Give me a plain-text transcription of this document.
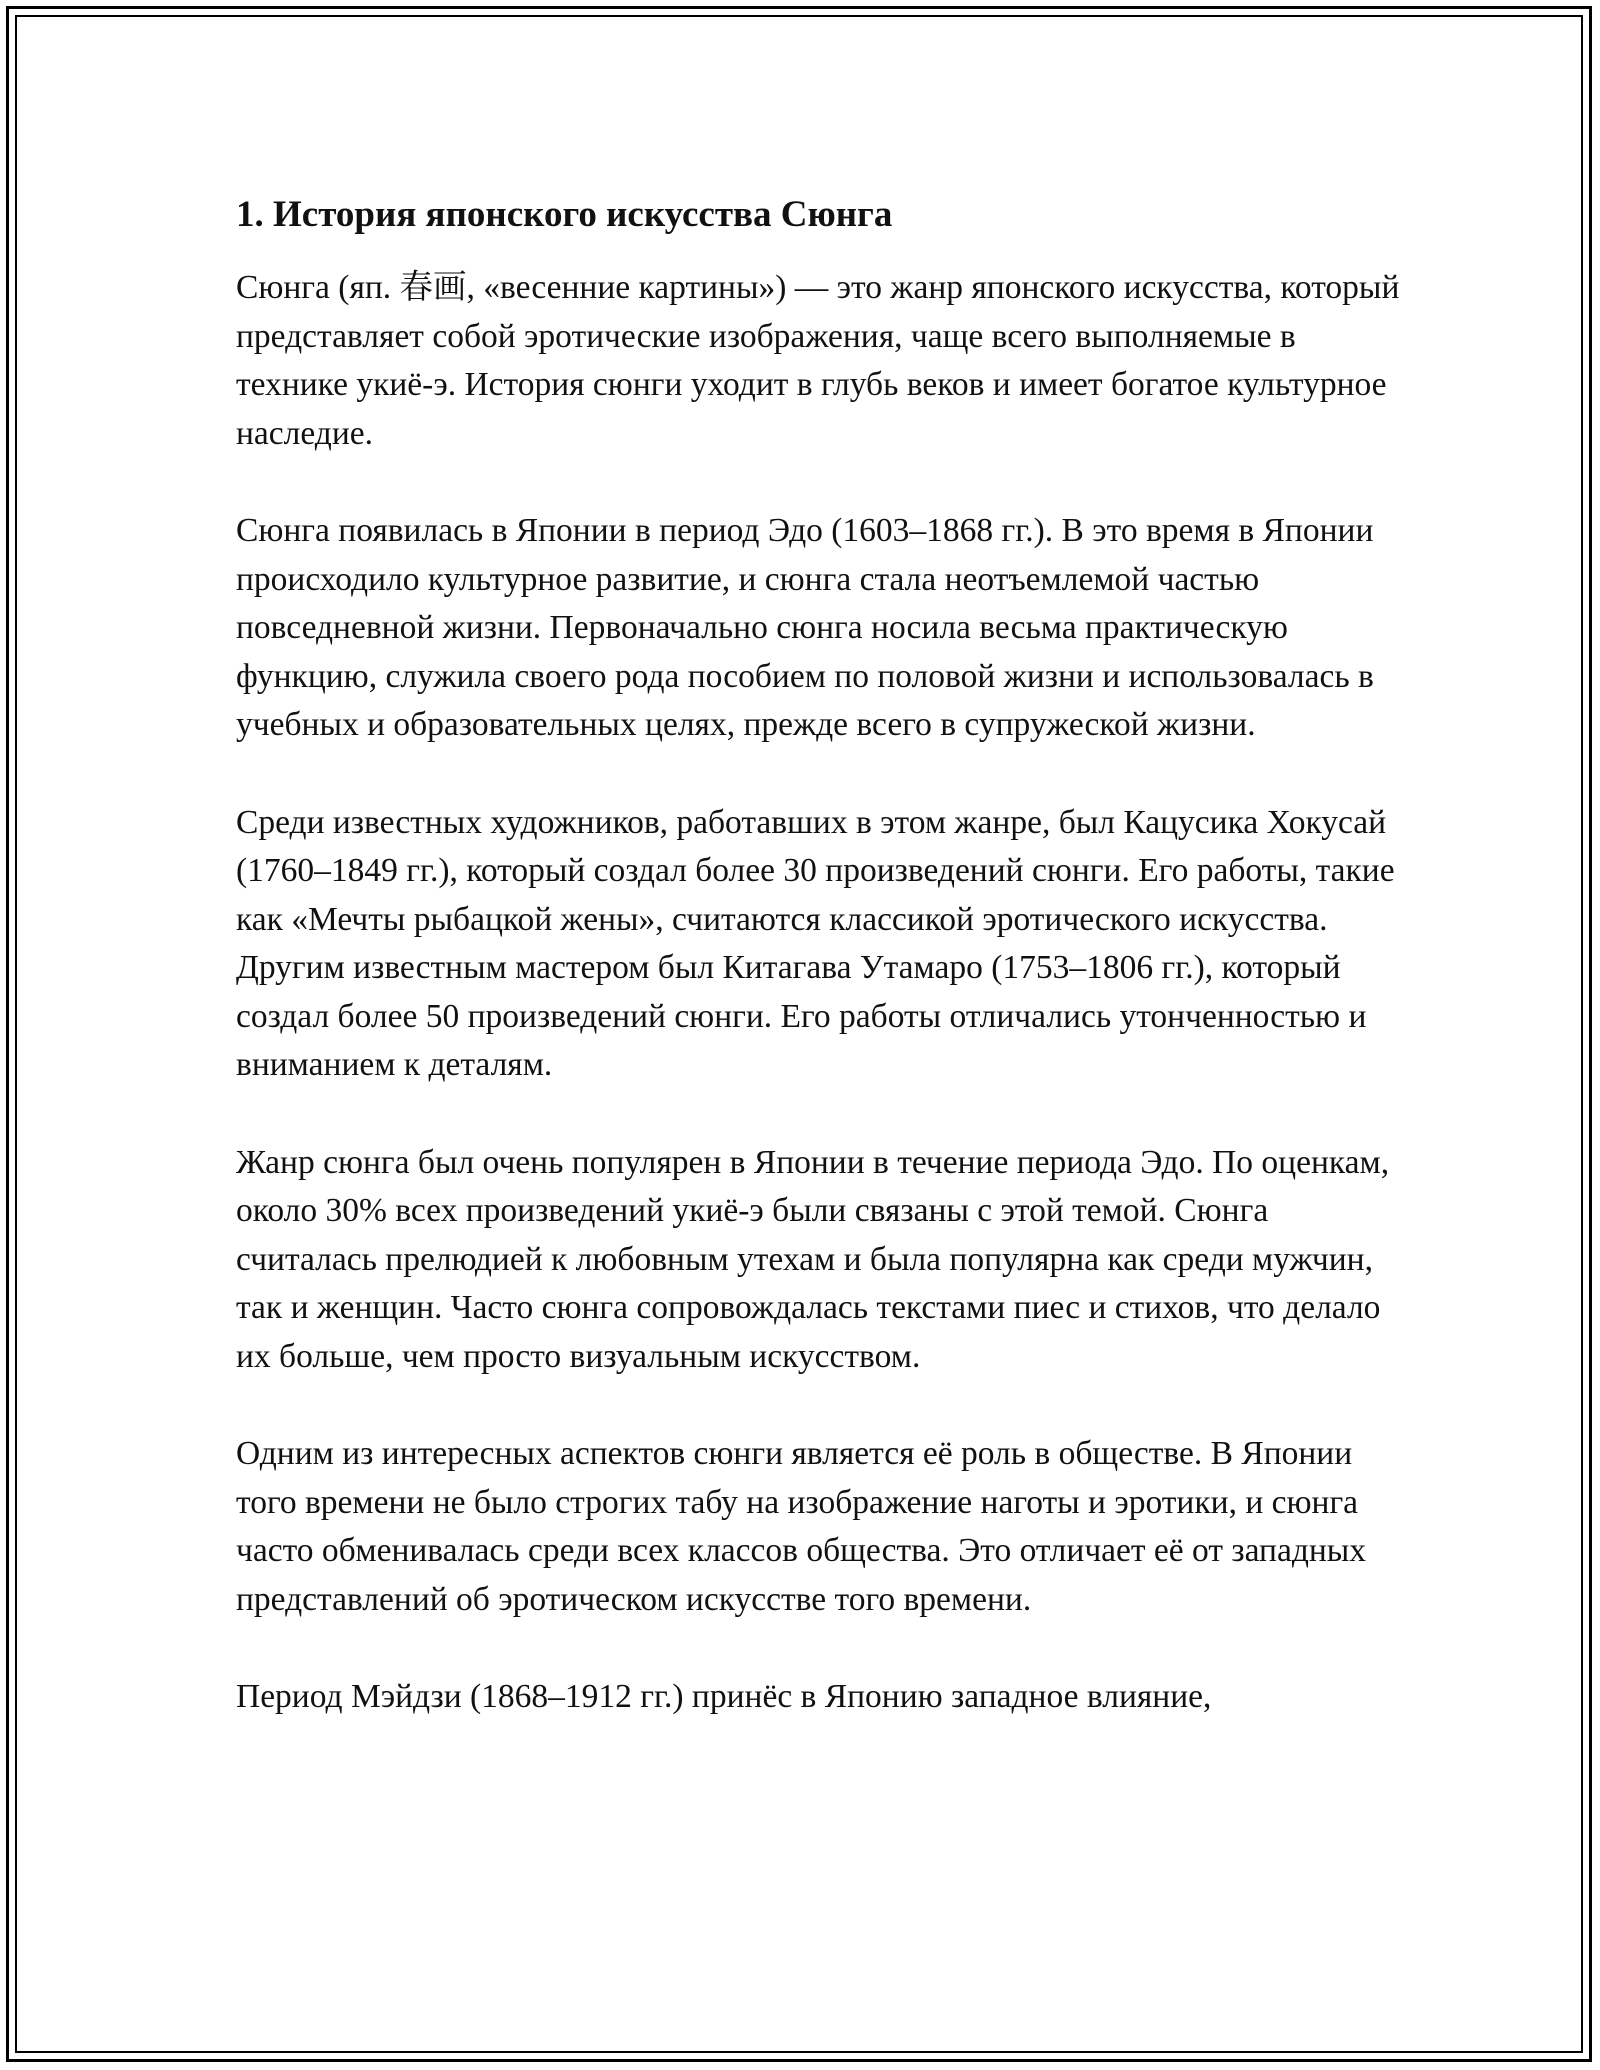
1. История японского искусства Сюнга

Сюнга (яп. 春画, «весенние картины») — это жанр японского искусства, который представляет собой эротические изображения, чаще всего выполняемые в технике укиё-э. История сюнги уходит в глубь веков и имеет богатое культурное наследие.

Сюнга появилась в Японии в период Эдо (1603–1868 гг.). В это время в Японии происходило культурное развитие, и сюнга стала неотъемлемой частью повседневной жизни. Первоначально сюнга носила весьма практическую функцию, служила своего рода пособием по половой жизни и использовалась в учебных и образовательных целях, прежде всего в супружеской жизни.

Среди известных художников, работавших в этом жанре, был Кацусика Хокусай (1760–1849 гг.), который создал более 30 произведений сюнги. Его работы, такие как «Мечты рыбацкой жены», считаются классикой эротического искусства. Другим известным мастером был Китагава Утамаро (1753–1806 гг.), который создал более 50 произведений сюнги. Его работы отличались утонченностью и вниманием к деталям.

Жанр сюнга был очень популярен в Японии в течение периода Эдо. По оценкам, около 30% всех произведений укиё-э были связаны с этой темой. Сюнга считалась прелюдией к любовным утехам и была популярна как среди мужчин, так и женщин. Часто сюнга сопровождалась текстами пиес и стихов, что делало их больше, чем просто визуальным искусством.

Одним из интересных аспектов сюнги является её роль в обществе. В Японии того времени не было строгих табу на изображение наготы и эротики, и сюнга часто обменивалась среди всех классов общества. Это отличает её от западных представлений об эротическом искусстве того времени.

Период Мэйдзи (1868–1912 гг.) принёс в Японию западное влияние,
